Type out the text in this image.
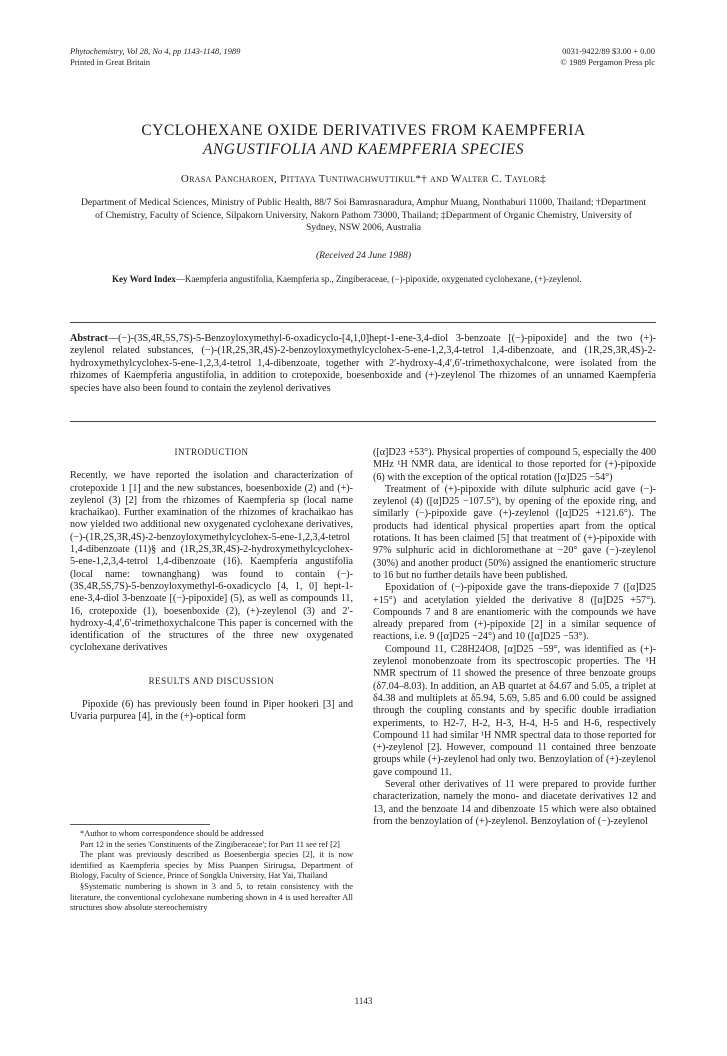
Phytochemistry, Vol 28, No 4, pp 1143-1148, 1989
Printed in Great Britain
0031-9422/89 $3.00 + 0.00
© 1989 Pergamon Press plc
CYCLOHEXANE OXIDE DERIVATIVES FROM KAEMPFERIA
ANGUSTIFOLIA AND KAEMPFERIA SPECIES
Orasa Pancharoen, Pittaya Tuntiwachwuttikul*† and Walter C. Taylor‡
Department of Medical Sciences, Ministry of Public Health, 88/7 Soi Bamrasnaradura, Amphur Muang, Nonthaburi 11000, Thailand; †Department of Chemistry, Faculty of Science, Silpakorn University, Nakorn Pathom 73000, Thailand; ‡Department of Organic Chemistry, University of Sydney, NSW 2006, Australia
(Received 24 June 1988)
Key Word Index—Kaempferia angustifolia, Kaempferia sp., Zingiberaceae, (−)-pipoxide, oxygenated cyclohexane, (+)-zeylenol.
Abstract—(−)-(3S,4R,5S,7S)-5-Benzoyloxymethyl-6-oxadicyclo-[4,1,0]hept-1-ene-3,4-diol 3-benzoate [(−)-pipoxide] and the two (+)-zeylenol related substances, (−)-(1R,2S,3R,4S)-2-benzoyloxymethylcyclohex-5-ene-1,2,3,4-tetrol 1,4-dibenzoate, and (1R,2S,3R,4S)-2-hydroxymethylcyclohex-5-ene-1,2,3,4-tetrol 1,4-dibenzoate, together with 2′-hydroxy-4,4′,6′-trimethoxychalcone, were isolated from the rhizomes of Kaempferia angustifolia, in addition to crotepoxide, boesenboxide and (+)-zeylenol The rhizomes of an unnamed Kaempferia species have also been found to contain the zeylenol derivatives
INTRODUCTION

Recently, we have reported the isolation and characterization of crotepoxide 1 [1] and the new substances, boesenboxide (2) and (+)-zeylenol (3) [2] from the rhizomes of Kaempferia sp (local name krachaikao). Further examination of the rhizomes of krachaikao has now yielded two additional new oxygenated cyclohexane derivatives, (−)-(1R,2S,3R,4S)-2-benzoyloxymethylcyclohex-5-ene-1,2,3,4-tetrol 1,4-dibenzoate (11)§ and (1R,2S,3R,4S)-2-hydroxymethylcyclohex-5-ene-1,2,3,4-tetrol 1,4-dibenzoate (16). Kaempferia angustifolia (local name: townanghang) was found to contain (−)-(3S,4R,5S,7S)-5-benzoyloxymethyl-6-oxadicyclo [4, 1, 0] hept-1-ene-3,4-diol 3-benzoate [(−)-pipoxide] (5), as well as compounds 11, 16, crotepoxide (1), boesenboxide (2), (+)-zeylenol (3) and 2′-hydroxy-4,4′,6′-trimethoxychalcone This paper is concerned with the identification of the structures of the three new oxygenated cyclohexane derivatives

RESULTS AND DISCUSSION

Pipoxide (6) has previously been found in Piper hookeri [3] and Uvaria purpurea [4], in the (+)-optical form

([α]D23 +53°). Physical properties of compound 5, especially the 400 MHz ¹H NMR data, are identical to those reported for (+)-pipoxide (6) with the exception of the optical rotation ([α]D25 −54°)

Treatment of (+)-pipoxide with dilute sulphuric acid gave (−)-zeylenol (4) ([α]D25 −107.5°), by opening of the epoxide ring, and similarly (−)-pipoxide gave (+)-zeylenol ([α]D25 +121.6°). The products had identical physical properties apart from the optical rotations. It has been claimed [5] that treatment of (+)-pipoxide with 97% sulphuric acid in dichloromethane at −20° gave (−)-zeylenol (30%) and another product (50%) assigned the enantiomeric structure to 16 but no further details have been published.

Epoxidation of (−)-pipoxide gave the trans-diepoxide 7 ([α]D25 +15°) and acetylation yielded the derivative 8 ([α]D25 +57°). Compounds 7 and 8 are enantiomeric with the compounds we have already prepared from (+)-pipoxide [2] in a similar sequence of reactions, i.e. 9 ([α]D25 −24°) and 10 ([α]D25 −53°).

Compound 11, C28H24O8, [α]D25 −59°, was identified as (+)-zeylenol monobenzoate from its spectroscopic properties. The ¹H NMR spectrum of 11 showed the presence of three benzoate groups (δ7.04–8.03). In addition, an AB quartet at δ4.67 and 5.05, a triplet at δ4.38 and multiplets at δ5.94, 5.69, 5.85 and 6.00 could be assigned through the coupling constants and by specific double irradiation experiments, to H2-7, H-2, H-3, H-4, H-5 and H-6, respectively Compound 11 had similar ¹H NMR spectral data to those reported for (+)-zeylenol [2]. However, compound 11 contained three benzoate groups while (+)-zeylenol had only two. Benzoylation of (+)-zeylenol gave compound 11.

Several other derivatives of 11 were prepared to provide further characterization, namely the mono- and diacetate derivatives 12 and 13, and the benzoate 14 and dibenzoate 15 which were also obtained from the benzoylation of (+)-zeylenol. Benzoylation of (−)-zeylenol

*Author to whom correspondence should be addressed

Part 12 in the series 'Constituents of the Zingiberaceae'; for Part 11 see ref [2]

The plant was previously described as Boesenbergia species [2], it is now identified as Kaempferia species by Miss Puanpen Sirirugsa, Department of Biology, Faculty of Science, Prince of Songkla University, Hat Yai, Thailand

§Systematic numbering is shown in 3 and 5, to retain consistency with the literature, the conventional cyclohexane numbering shown in 4 is used hereafter All structures show absolute stereochemistry

1143
